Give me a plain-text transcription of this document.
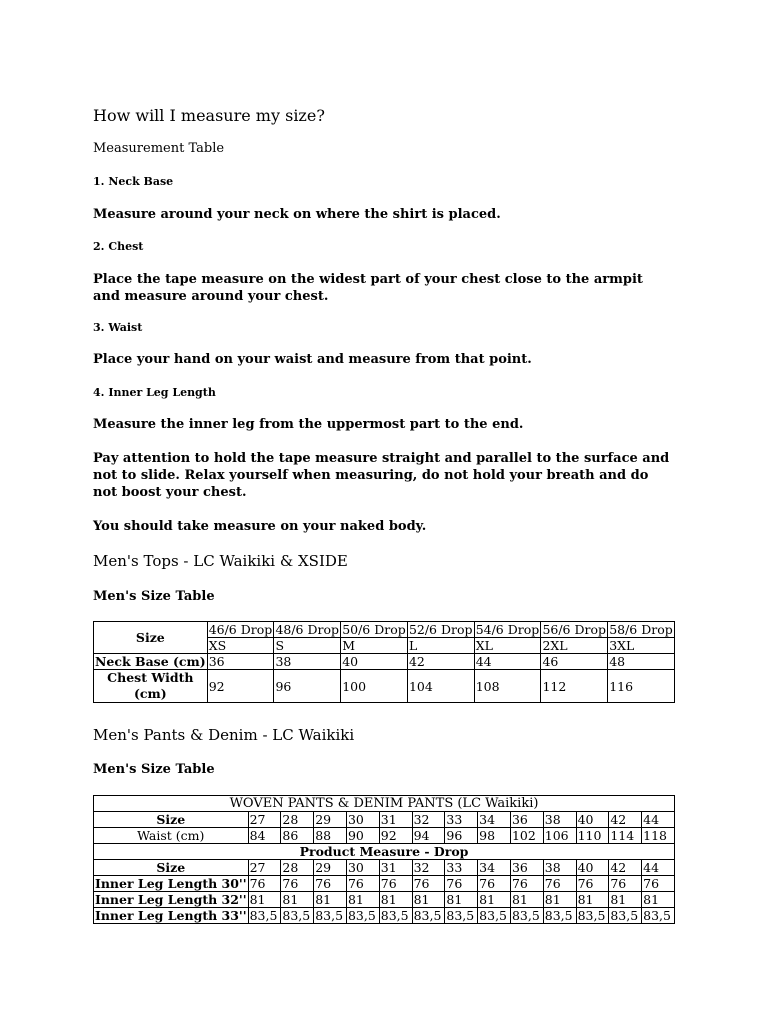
How will I measure my size?
Measurement Table
1. Neck Base
Measure around your neck on where the shirt is placed.
2. Chest
Place the tape measure on the widest part of your chest close to the armpit and measure around your chest.
3. Waist
Place your hand on your waist and measure from that point.
4. Inner Leg Length
Measure the inner leg from the uppermost part to the end.
Pay attention to hold the tape measure straight and parallel to the surface and not to slide. Relax yourself when measuring, do not hold your breath and do not boost your chest.
You should take measure on your naked body.
Men's Tops - LC Waikiki & XSIDE
Men's Size Table
Size	46/6 Drop	48/6 Drop	50/6 Drop	52/6 Drop	54/6 Drop	56/6 Drop	58/6 Drop
	XS	S	M	L	XL	2XL	3XL
Neck Base (cm)	36	38	40	42	44	46	48
Chest Width (cm)	92	96	100	104	108	112	116
Men's Pants & Denim - LC Waikiki
Men's Size Table
WOVEN PANTS & DENIM PANTS (LC Waikiki)													
Size	27	28	29	30	31	32	33	34	36	38	40	42	44
Waist (cm)	84	86	88	90	92	94	96	98	102	106	110	114	118
Product Measure - Drop													
Size	27	28	29	30	31	32	33	34	36	38	40	42	44
Inner Leg Length 30''	76	76	76	76	76	76	76	76	76	76	76	76	76
Inner Leg Length 32''	81	81	81	81	81	81	81	81	81	81	81	81	81
Inner Leg Length 33''	83,5	83,5	83,5	83,5	83,5	83,5	83,5	83,5	83,5	83,5	83,5	83,5	83,5
